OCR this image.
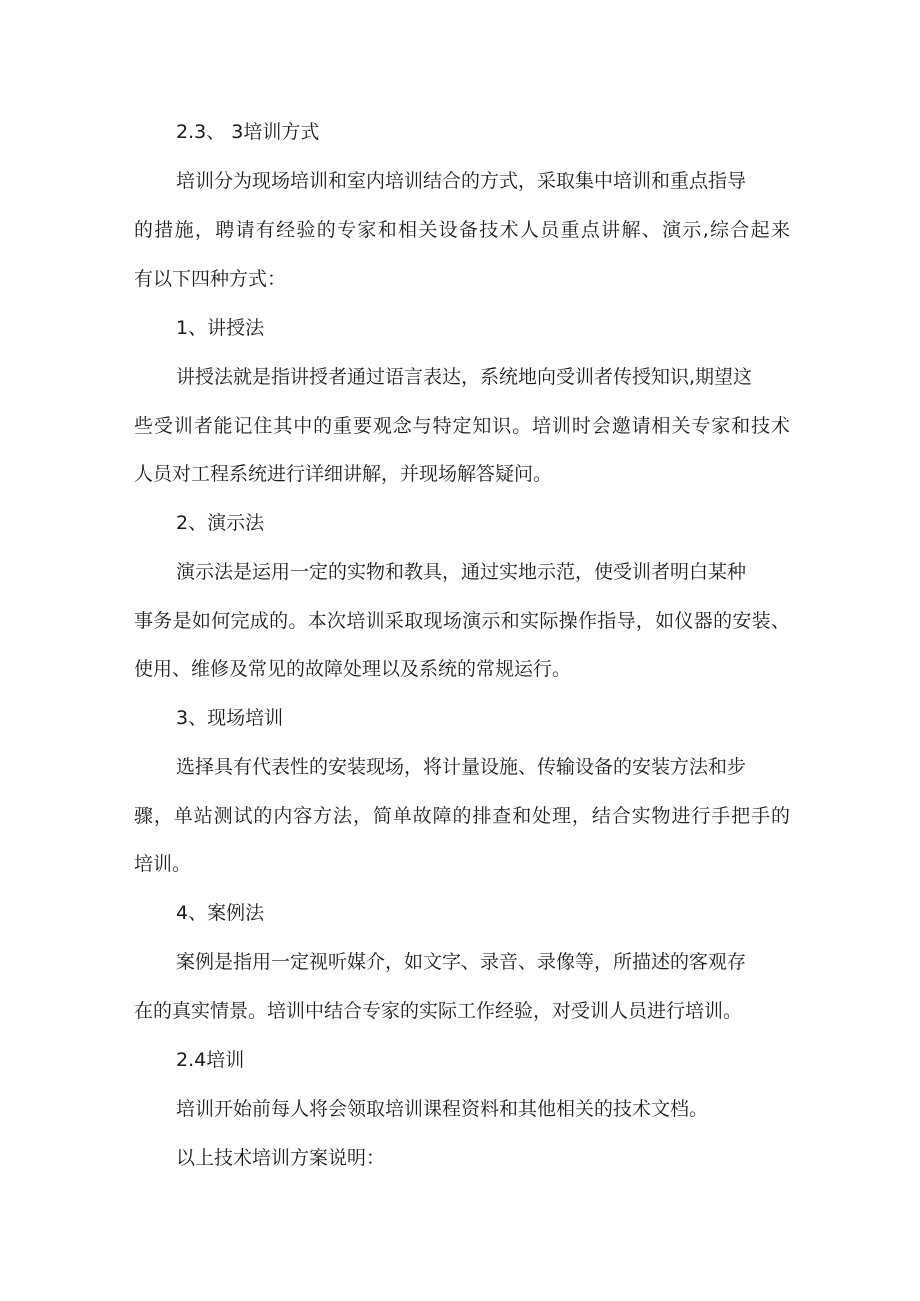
2.3、 3培训方式

培训分为现场培训和室内培训结合的方式，采取集中培训和重点指导

的措施，聘请有经验的专家和相关设备技术人员重点讲解、演示,综合起来

有以下四种方式：

1、讲授法

讲授法就是指讲授者通过语言表达，系统地向受训者传授知识,期望这

些受训者能记住其中的重要观念与特定知识。培训时会邀请相关专家和技术

人员对工程系统进行详细讲解，并现场解答疑问。

2、演示法

演示法是运用一定的实物和教具，通过实地示范，使受训者明白某种

事务是如何完成的。本次培训采取现场演示和实际操作指导，如仪器的安装、

使用、维修及常见的故障处理以及系统的常规运行。

3、现场培训

选择具有代表性的安装现场，将计量设施、传输设备的安装方法和步

骤，单站测试的内容方法，简单故障的排查和处理，结合实物进行手把手的

培训。

4、案例法

案例是指用一定视听媒介，如文字、录音、录像等，所描述的客观存

在的真实情景。培训中结合专家的实际工作经验，对受训人员进行培训。

2.4培训

培训开始前每人将会领取培训课程资料和其他相关的技术文档。

以上技术培训方案说明：
